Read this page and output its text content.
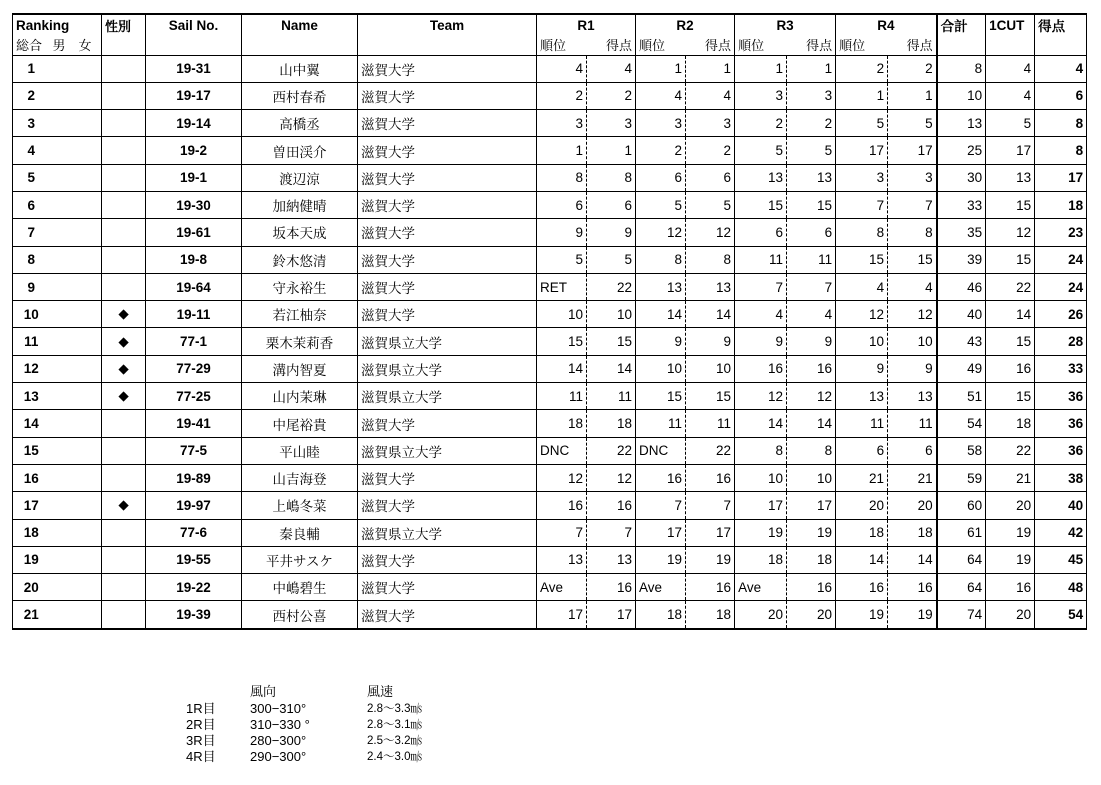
Ranking			性別	Sail No.	Name	Team	R1		R2		R3		R4		合計	1CUT	得点
総合	男	女					順位	得点	順位	得点	順位	得点	順位	得点			
1				19-31	山中翼	滋賀大学	4	4	1	1	1	1	2	2	8	4	4
2				19-17	西村春希	滋賀大学	2	2	4	4	3	3	1	1	10	4	6
3				19-14	高橋丞	滋賀大学	3	3	3	3	2	2	5	5	13	5	8
4				19-2	曽田渓介	滋賀大学	1	1	2	2	5	5	17	17	25	17	8
5				19-1	渡辺涼	滋賀大学	8	8	6	6	13	13	3	3	30	13	17
6				19-30	加納健晴	滋賀大学	6	6	5	5	15	15	7	7	33	15	18
7				19-61	坂本天成	滋賀大学	9	9	12	12	6	6	8	8	35	12	23
8				19-8	鈴木悠清	滋賀大学	5	5	8	8	11	11	15	15	39	15	24
9				19-64	守永裕生	滋賀大学	RET	22	13	13	7	7	4	4	46	22	24
10			◆	19-11	若江柚奈	滋賀大学	10	10	14	14	4	4	12	12	40	14	26
11			◆	77-1	栗木茉莉香	滋賀県立大学	15	15	9	9	9	9	10	10	43	15	28
12			◆	77-29	溝内智夏	滋賀県立大学	14	14	10	10	16	16	9	9	49	16	33
13			◆	77-25	山内茉琳	滋賀県立大学	11	11	15	15	12	12	13	13	51	15	36
14				19-41	中尾裕貴	滋賀大学	18	18	11	11	14	14	11	11	54	18	36
15				77-5	平山睦	滋賀県立大学	DNC	22	DNC	22	8	8	6	6	58	22	36
16				19-89	山吉海登	滋賀大学	12	12	16	16	10	10	21	21	59	21	38
17			◆	19-97	上嶋冬菜	滋賀大学	16	16	7	7	17	17	20	20	60	20	40
18				77-6	秦良輔	滋賀県立大学	7	7	17	17	19	19	18	18	61	19	42
19				19-55	平井サスケ	滋賀大学	13	13	19	19	18	18	14	14	64	19	45
20				19-22	中嶋碧生	滋賀大学	Ave	16	Ave	16	Ave	16	16	16	64	16	48
21				19-39	西村公喜	滋賀大学	17	17	18	18	20	20	19	19	74	20	54
	風向	風速
1R目	300−310°	2.8〜3.3㎧
2R目	310−330 °	2.8〜3.1㎧
3R目	280−300°	2.5〜3.2㎧
4R目	290−300°	2.4〜3.0㎧
